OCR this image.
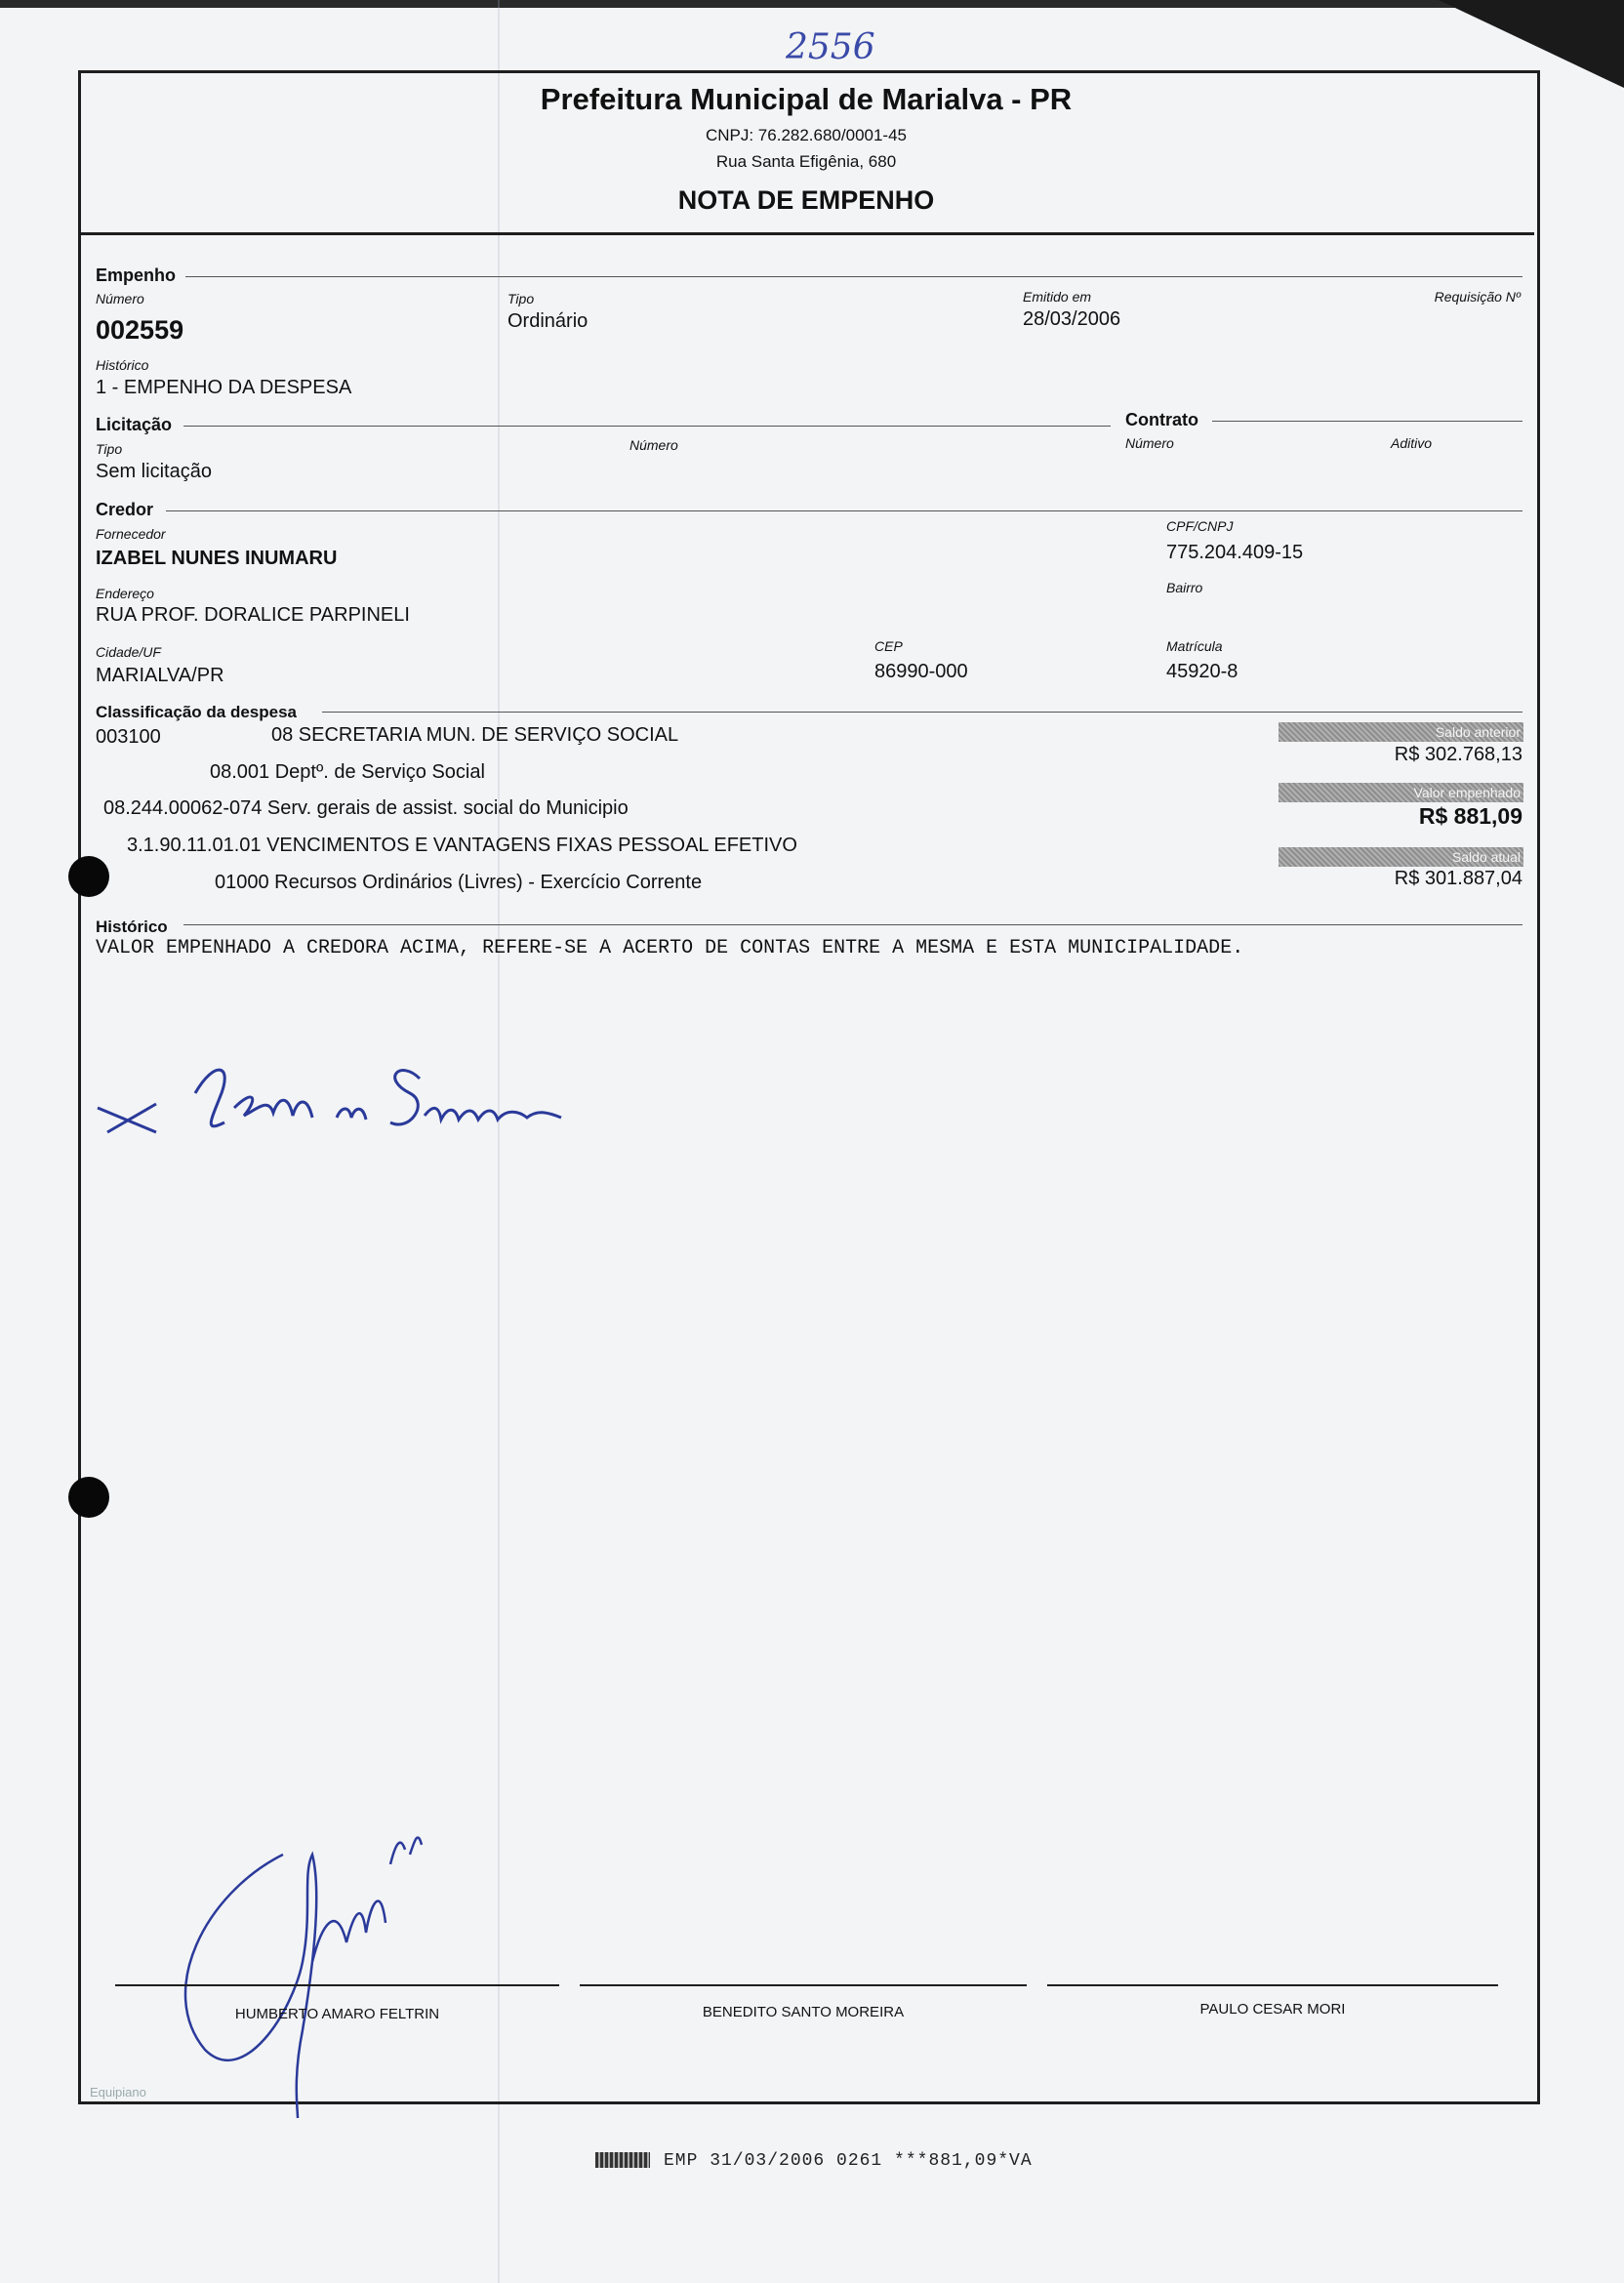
2556
Prefeitura Municipal de Marialva - PR
CNPJ: 76.282.680/0001-45
Rua Santa Efigênia, 680
NOTA DE EMPENHO
Empenho
Número
002559
Tipo
Ordinário
Emitido em
28/03/2006
Requisição Nº
Histórico
1 - EMPENHO DA DESPESA
Licitação
Tipo
Sem licitação
Número
Contrato
Número	Aditivo
Credor
Fornecedor
IZABEL NUNES INUMARU
CPF/CNPJ
775.204.409-15
Endereço
RUA PROF. DORALICE PARPINELI
Bairro
Cidade/UF
MARIALVA/PR
CEP
86990-000
Matrícula
45920-8
Classificação da despesa
003100	08 SECRETARIA MUN. DE SERVIÇO SOCIAL
08.001 Deptº. de Serviço Social
08.244.00062-074 Serv. gerais de assist. social do Municipio
3.1.90.11.01.01 VENCIMENTOS E VANTAGENS FIXAS PESSOAL EFETIVO
01000 Recursos Ordinários (Livres) - Exercício Corrente
Saldo anterior
R$ 302.768,13
Valor empenhado
R$ 881,09
Saldo atual
R$ 301.887,04
Histórico
VALOR EMPENHADO A CREDORA ACIMA, REFERE-SE A ACERTO DE CONTAS ENTRE A MESMA E ESTA MUNICIPALIDADE.
HUMBERTO AMARO FELTRIN	BENEDITO SANTO MOREIRA	PAULO CESAR MORI
Equipiano
EMP 31/03/2006 0261 ***881,09*VA
